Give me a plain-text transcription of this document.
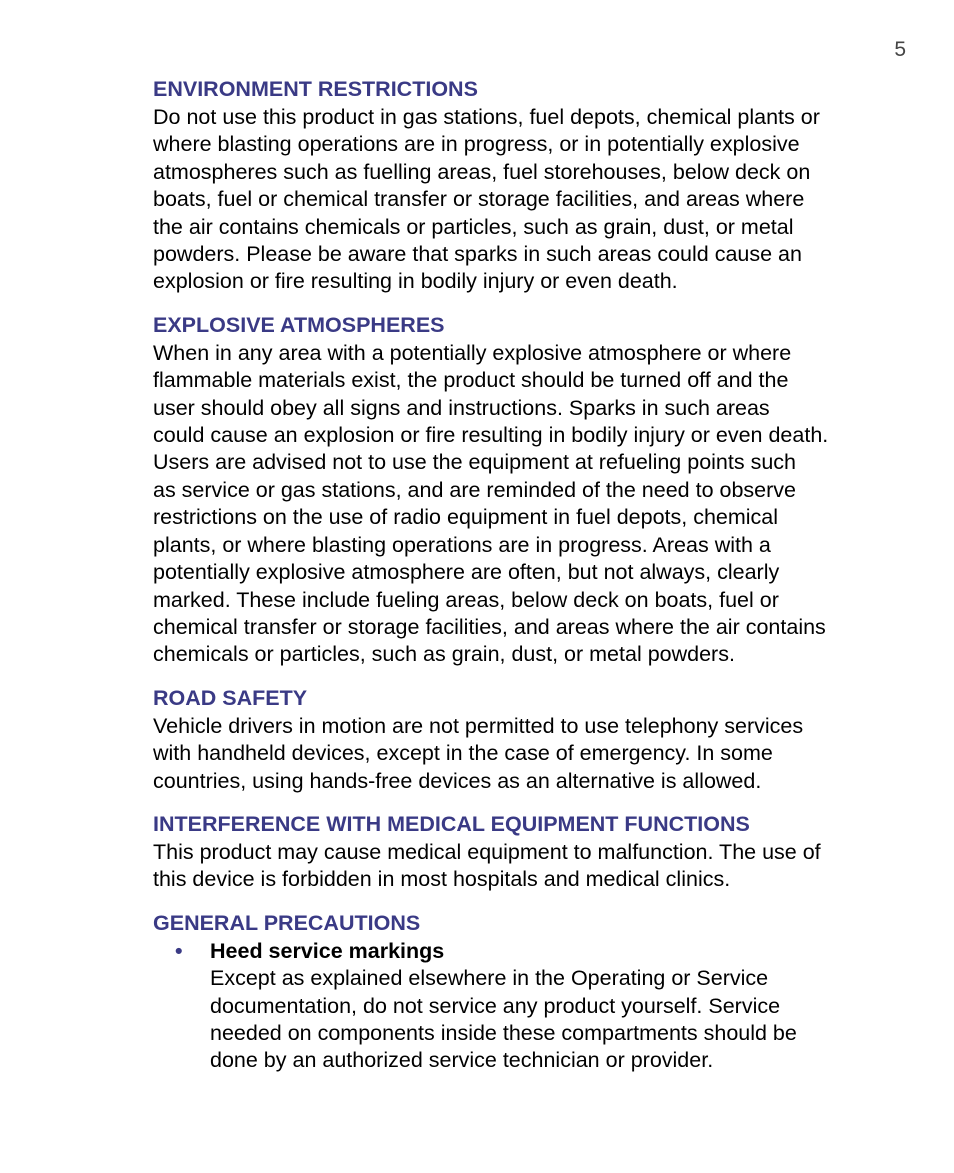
5
ENVIRONMENT RESTRICTIONS
Do not use this product in gas stations, fuel depots, chemical plants or
where blasting operations are in progress, or in potentially explosive
atmospheres such as fuelling areas, fuel storehouses, below deck on
boats, fuel or chemical transfer or storage facilities, and areas where
the air contains chemicals or particles, such as grain, dust, or metal
powders. Please be aware that sparks in such areas could cause an
explosion or fire resulting in bodily injury or even death.
EXPLOSIVE ATMOSPHERES
When in any area with a potentially explosive atmosphere or where
flammable materials exist, the product should be turned off and the
user should obey all signs and instructions. Sparks in such areas
could cause an explosion or fire resulting in bodily injury or even death.
Users are advised not to use the equipment at refueling points such
as service or gas stations, and are reminded of the need to observe
restrictions on the use of radio equipment in fuel depots, chemical
plants, or where blasting operations are in progress. Areas with a
potentially explosive atmosphere are often, but not always, clearly
marked. These include fueling areas, below deck on boats, fuel or
chemical transfer or storage facilities, and areas where the air contains
chemicals or particles, such as grain, dust, or metal powders.
ROAD SAFETY
Vehicle drivers in motion are not permitted to use telephony services
with handheld devices, except in the case of emergency. In some
countries, using hands-free devices as an alternative is allowed.
INTERFERENCE WITH MEDICAL EQUIPMENT FUNCTIONS
This product may cause medical equipment to malfunction. The use of
this device is forbidden in most hospitals and medical clinics.
GENERAL PRECAUTIONS
• Heed service markings
Except as explained elsewhere in the Operating or Service
documentation, do not service any product yourself. Service
needed on components inside these compartments should be
done by an authorized service technician or provider.
